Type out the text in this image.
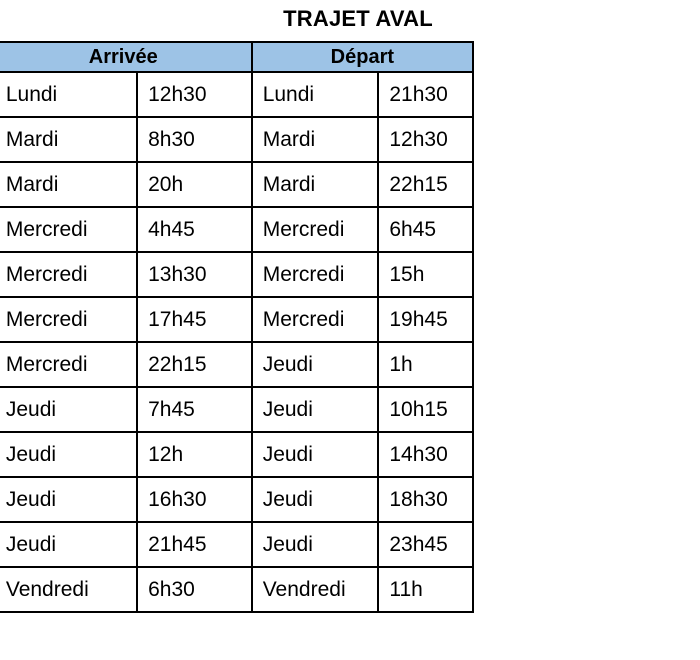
TRAJET AVAL
	Arrivée		Départ	
	Lundi	12h30	Lundi	21h30
	Mardi	8h30	Mardi	12h30
	Mardi	20h	Mardi	22h15
	Mercredi	4h45	Mercredi	6h45
	Mercredi	13h30	Mercredi	15h
	Mercredi	17h45	Mercredi	19h45
	Mercredi	22h15	Jeudi	1h
	Jeudi	7h45	Jeudi	10h15
	Jeudi	12h	Jeudi	14h30
	Jeudi	16h30	Jeudi	18h30
	Jeudi	21h45	Jeudi	23h45
	Vendredi	6h30	Vendredi	11h
